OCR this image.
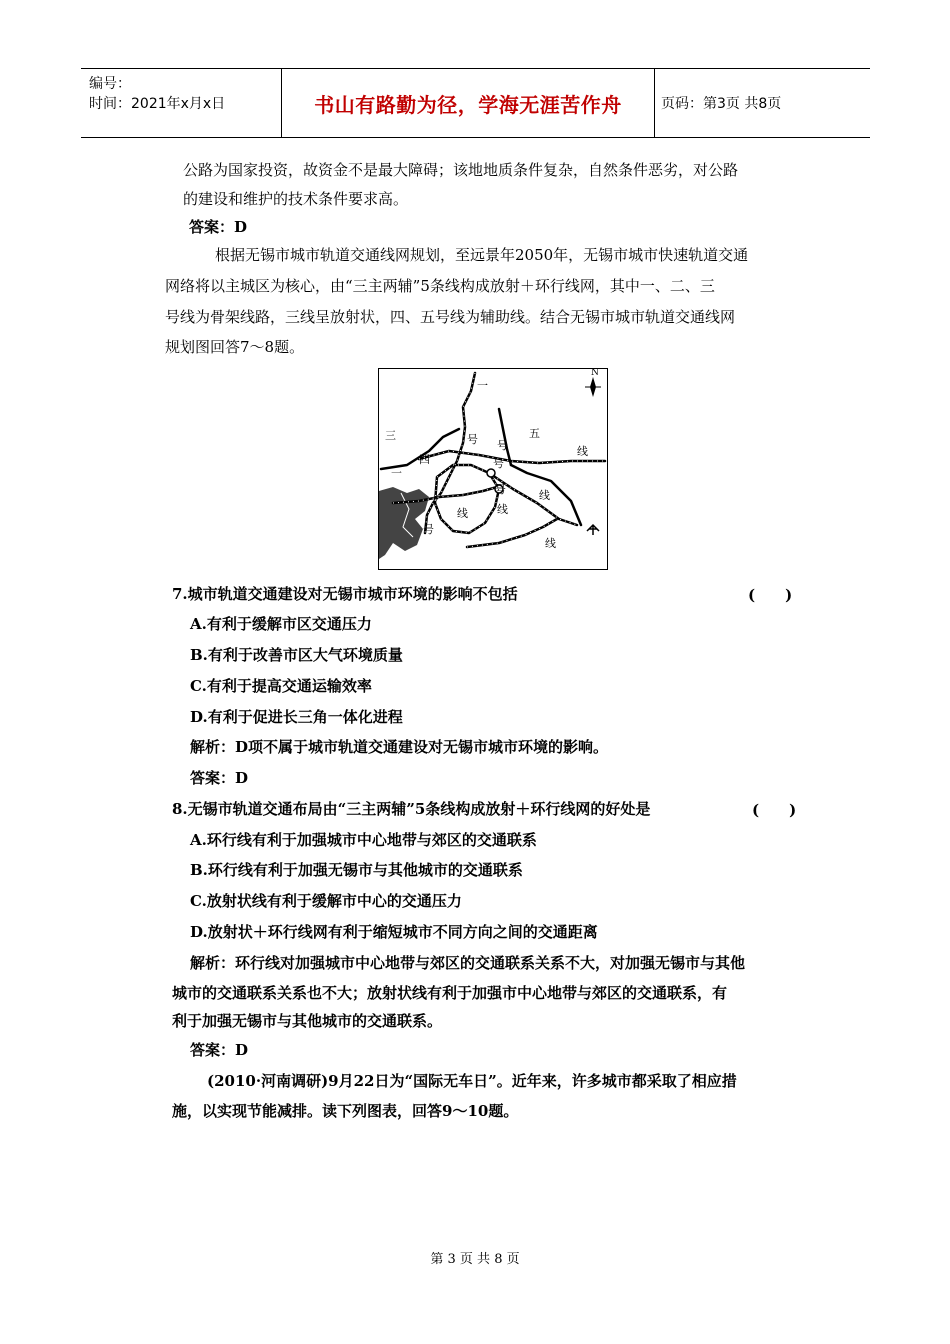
编号：
时间：2021年x月x日	书山有路勤为径，学海无涯苦作舟	页码：第3页 共8页
公路为国家投资，故资金不是最大障碍；该地地质条件复杂，自然条件恶劣，对公路
的建设和维护的技术条件要求高。
答案：D
根据无锡市城市轨道交通线网规划，至远景年2050年，无锡市城市快速轨道交通
网络将以主城区为核心，由“三主两辅”5条线构成放射＋环行线网，其中一、二、三
号线为骨架线路，三线呈放射状，四、五号线为辅助线。结合无锡市城市轨道交通线网
规划图回答7～8题。
N
一
三
二
四
号 号
号
号
号
五
线
线
线
线
线
7.城市轨道交通建设对无锡市城市环境的影响不包括	(　　)
A.有利于缓解市区交通压力
B.有利于改善市区大气环境质量
C.有利于提高交通运输效率
D.有利于促进长三角一体化进程
解析：D项不属于城市轨道交通建设对无锡市城市环境的影响。
答案：D
8.无锡市轨道交通布局由“三主两辅”5条线构成放射＋环行线网的好处是	(　　)
A.环行线有利于加强城市中心地带与郊区的交通联系
B.环行线有利于加强无锡市与其他城市的交通联系
C.放射状线有利于缓解市中心的交通压力
D.放射状＋环行线网有利于缩短城市不同方向之间的交通距离
解析：环行线对加强城市中心地带与郊区的交通联系关系不大，对加强无锡市与其他
城市的交通联系关系也不大；放射状线有利于加强市中心地带与郊区的交通联系，有
利于加强无锡市与其他城市的交通联系。
答案：D
(2010·河南调研)9月22日为“国际无车日”。近年来，许多城市都采取了相应措
施，以实现节能减排。读下列图表，回答9～10题。
第 3 页 共 8 页
